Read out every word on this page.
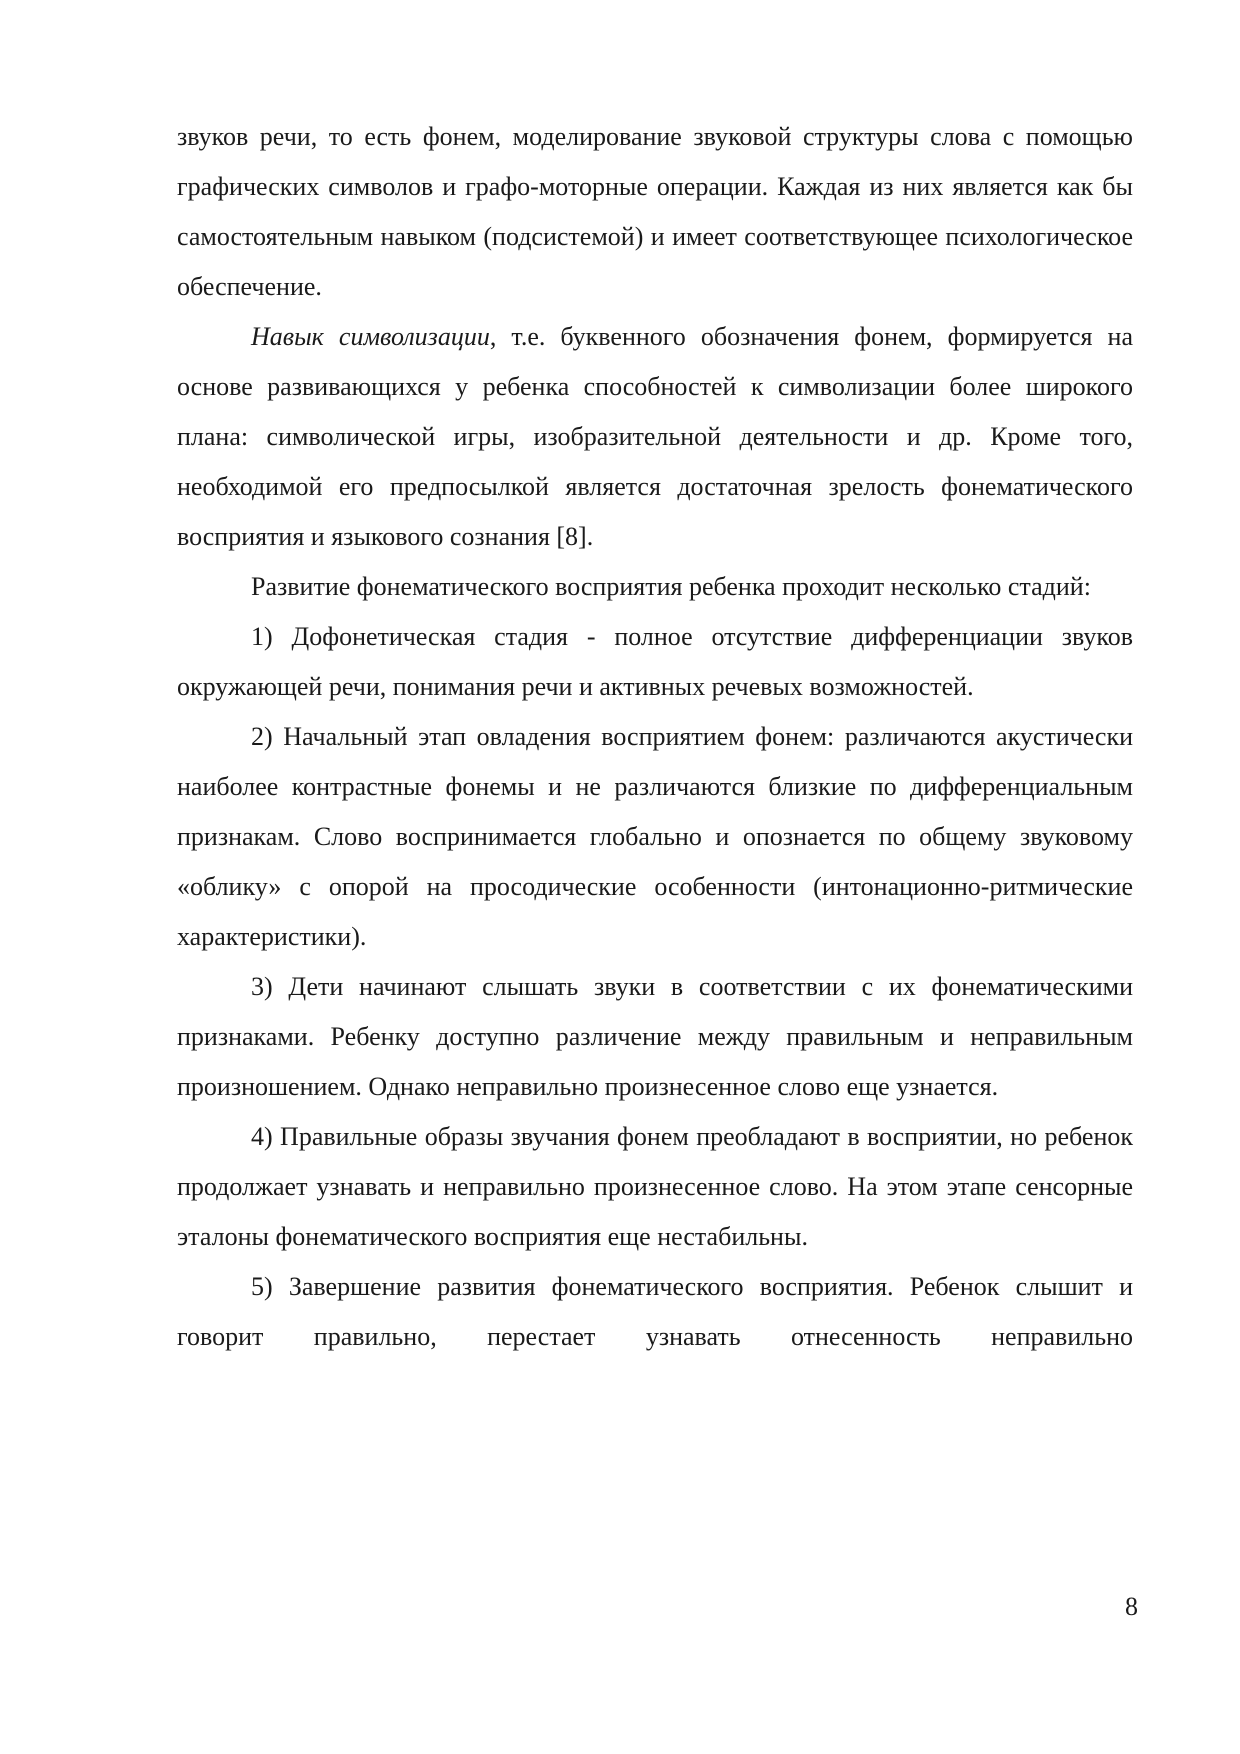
звуков речи, то есть фонем, моделирование звуковой структуры слова с помощью графических символов и графо-моторные операции. Каждая из них является как бы самостоятельным навыком (подсистемой) и имеет соответствующее психологическое обеспечение.

Навык символизации, т.е. буквенного обозначения фонем, формируется на основе развивающихся у ребенка способностей к символизации более широкого плана: символической игры, изобразительной деятельности и др. Кроме того, необходимой его предпосылкой является достаточная зрелость фонематического восприятия и языкового сознания [8].

Развитие фонематического восприятия ребенка проходит несколько стадий:

1) Дофонетическая стадия - полное отсутствие дифференциации звуков окружающей речи, понимания речи и активных речевых возможностей.

2) Начальный этап овладения восприятием фонем: различаются акустически наиболее контрастные фонемы и не различаются близкие по дифференциальным признакам. Слово воспринимается глобально и опознается по общему звуковому «облику» с опорой на просодические особенности (интонационно-ритмические характеристики).

3) Дети начинают слышать звуки в соответствии с их фонематическими признаками. Ребенку доступно различение между правильным и неправильным произношением. Однако неправильно произнесенное слово еще узнается.

4) Правильные образы звучания фонем преобладают в восприятии, но ребенок продолжает узнавать и неправильно произнесенное слово. На этом этапе сенсорные эталоны фонематического восприятия еще нестабильны.

5) Завершение развития фонематического восприятия. Ребенок слышит и говорит правильно, перестает узнавать отнесенность неправильно

8
